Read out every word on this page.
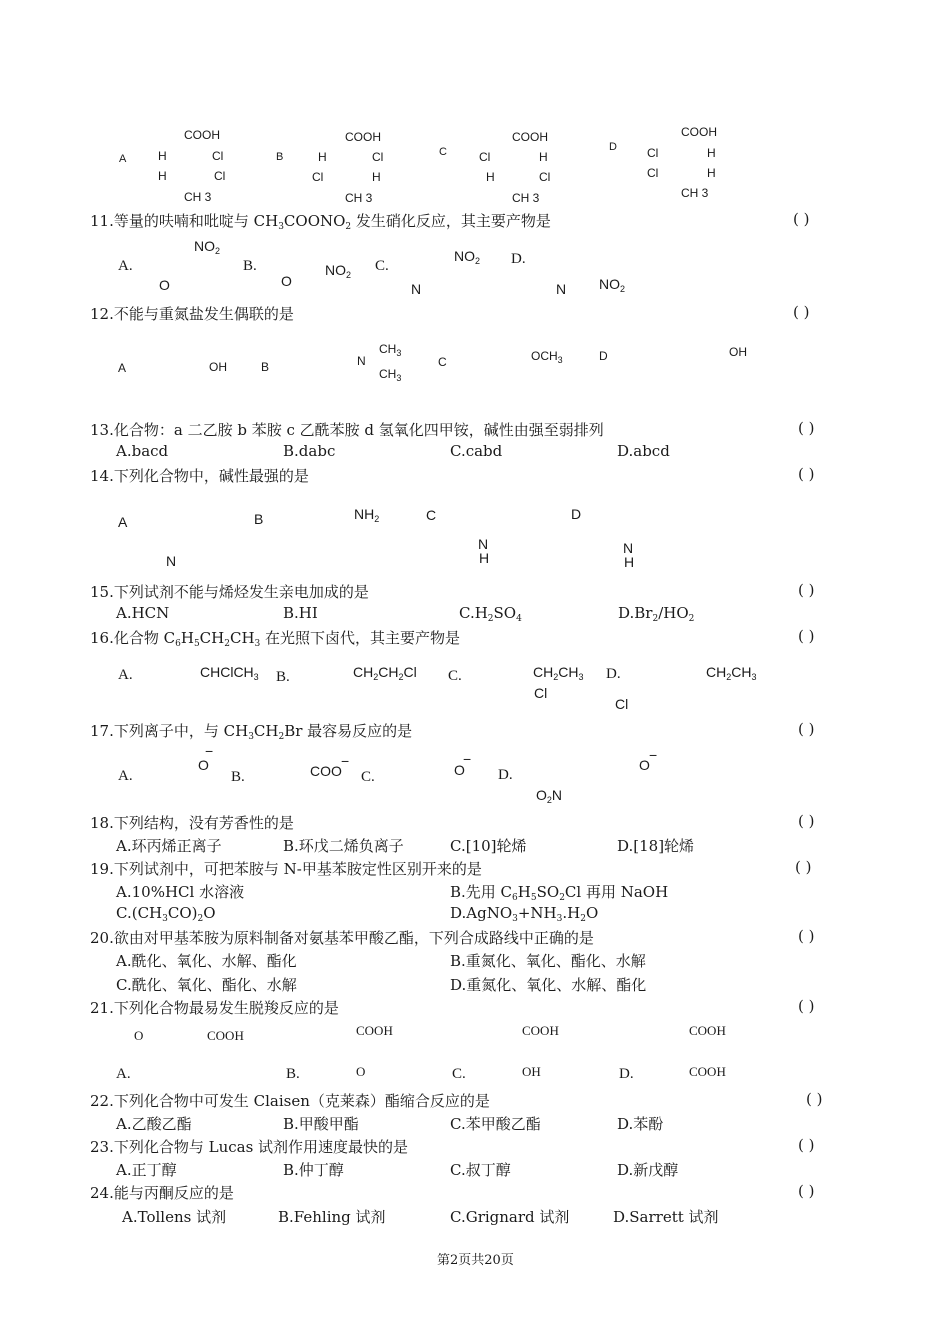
A
COOH
H	Cl
H	Cl
CH 3
B
COOH
H	Cl
Cl	H
CH 3
C
COOH
Cl	H
H	Cl
CH 3
D
COOH
Cl	H
Cl	H
CH 3
11.等量的呋喃和吡啶与 $CH_3COONO_2$ 发生硝化反应，其主要产物是	( )
A.
$NO_2$
O
B.
O
$NO_2$
C.
N
$NO_2$ D.
N $NO_2$
12.不能与重氮盐发生偶联的是	( )
A	OH	B	N
$CH_3$
$CH_3$
C	$OCH_3$	D	OH
13.化合物：a 二乙胺 b 苯胺 c 乙酰苯胺 d 氢氧化四甲铵，碱性由强至弱排列	( )
A.bacd	B.dabc	C.cabd	D.abcd
14.下列化合物中，碱性最强的是	( )
A
N
B	$NH_2$	C
N
H
D
N
H
15.下列试剂不能与烯烃发生亲电加成的是	( )
A.HCN	B.HI	$C.H_2SO_4$	$D.Br_2/HO_2$
16.化合物 $C_6H_5CH_2CH_3$ 在光照下卤代，其主要产物是	( )
A.	CHClCH$_3$ B.	$CH_2CH_2Cl$ C.	$CH_2CH_3$
Cl
D.
Cl
$CH_2CH_3$
17.下列离子中，与 $CH_3CH_2Br$ 最容易反应的是	( )
A.
O
−
B.	COO
−
C.	O
−
D.
$O_2N$
O
−
18.下列结构，没有芳香性的是	( )
A.环丙烯正离子	B.环戊二烯负离子	C.[10]轮烯	D.[18]轮烯
19.下列试剂中，可把苯胺与 N-甲基苯胺定性区别开来的是	( )
A.10%HCl 水溶液	B.先用 $C_6H_5SO_2Cl$ 再用 NaOH
$C.(CH_3CO)_2O$	$D.AgNO_3+NH_3.H_2O$
20.欲由对甲基苯胺为原料制备对氨基苯甲酸乙酯，下列合成路线中正确的是	( )
A.酰化、氧化、水解、酯化	B.重氮化、氧化、酯化、水解
C.酰化、氧化、酯化、水解	D.重氮化、氧化、水解、酯化
21.下列化合物最易发生脱羧反应的是	( )
O	COOH
A.
COOH
O
B.
COOH
OH
C.
COOH
COOH
D.
22.下列化合物中可发生 Claisen（克莱森）酯缩合反应的是	( )
A.乙酸乙酯	B.甲酸甲酯	C.苯甲酸乙酯	D.苯酚
23.下列化合物与 Lucas 试剂作用速度最快的是	( )
A.正丁醇	B.仲丁醇	C.叔丁醇	D.新戊醇
24.能与丙酮反应的是	( )
A.Tollens 试剂	B.Fehling 试剂	C.Grignard 试剂	D.Sarrett 试剂
第2页共20页
